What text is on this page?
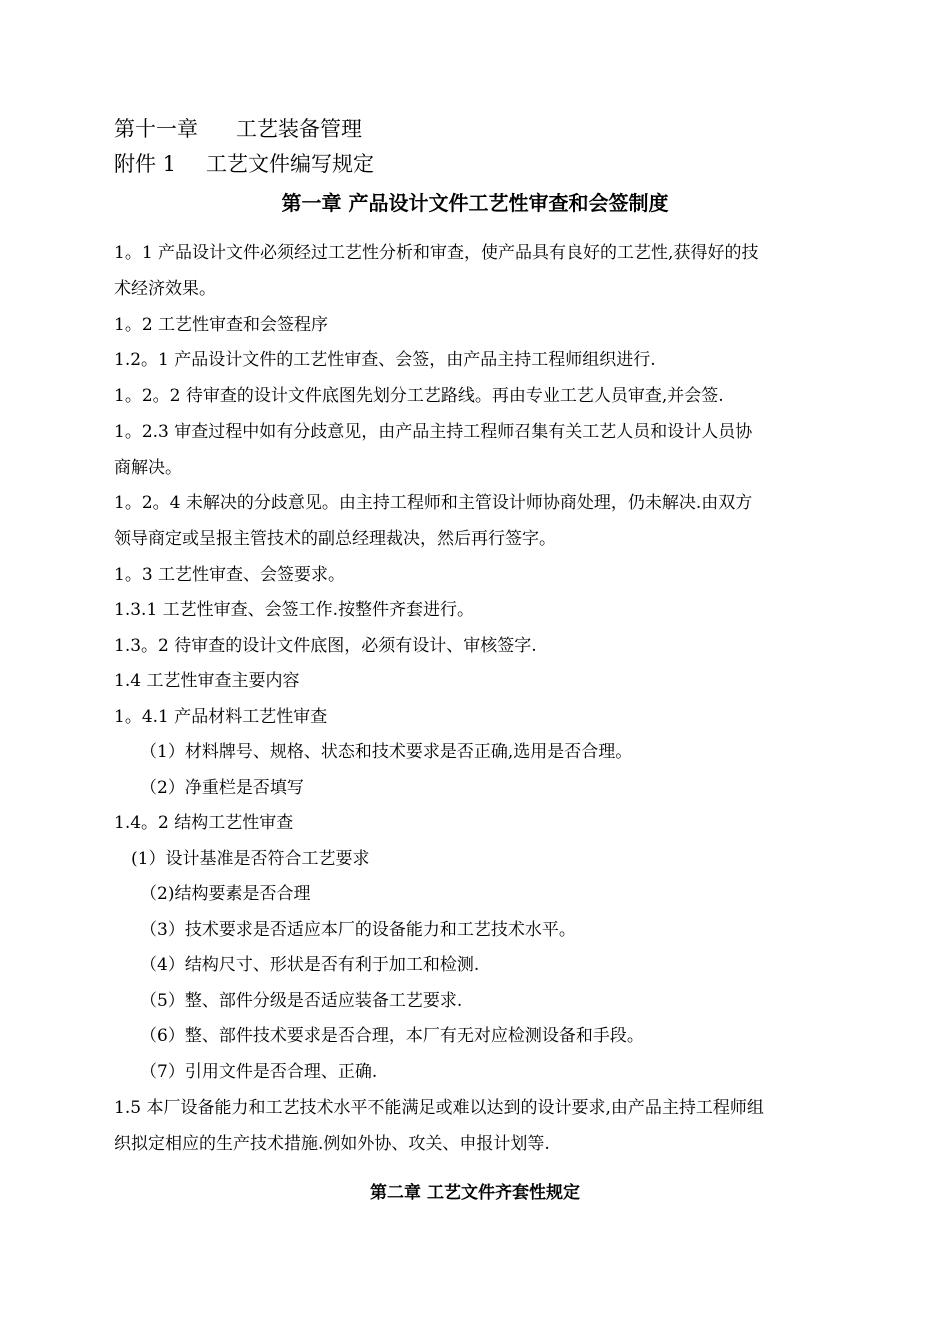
第十一章 工艺装备管理
附件 1 工艺文件编写规定
第一章 产品设计文件工艺性审查和会签制度
1。1 产品设计文件必须经过工艺性分析和审查，使产品具有良好的工艺性,获得好的技
术经济效果。
1。2 工艺性审查和会签程序
1.2。1 产品设计文件的工艺性审查、会签，由产品主持工程师组织进行.
1。2。2 待审查的设计文件底图先划分工艺路线。再由专业工艺人员审查,并会签.
1。2.3 审查过程中如有分歧意见，由产品主持工程师召集有关工艺人员和设计人员协
商解决。
1。2。4 未解决的分歧意见。由主持工程师和主管设计师协商处理，仍未解决.由双方
领导商定或呈报主管技术的副总经理裁决，然后再行签字。
1。3 工艺性审查、会签要求。
1.3.1 工艺性审查、会签工作.按整件齐套进行。
1.3。2 待审查的设计文件底图，必须有设计、审核签字.
1.4 工艺性审查主要内容
1。4.1 产品材料工艺性审查
（1）材料牌号、规格、状态和技术要求是否正确,选用是否合理。
（2）净重栏是否填写
1.4。2 结构工艺性审查
(1）设计基准是否符合工艺要求
（2)结构要素是否合理
（3）技术要求是否适应本厂的设备能力和工艺技术水平。
（4）结构尺寸、形状是否有利于加工和检测.
（5）整、部件分级是否适应装备工艺要求.
（6）整、部件技术要求是否合理，本厂有无对应检测设备和手段。
（7）引用文件是否合理、正确.
1.5 本厂设备能力和工艺技术水平不能满足或难以达到的设计要求,由产品主持工程师组
织拟定相应的生产技术措施.例如外协、攻关、申报计划等.
第二章 工艺文件齐套性规定
